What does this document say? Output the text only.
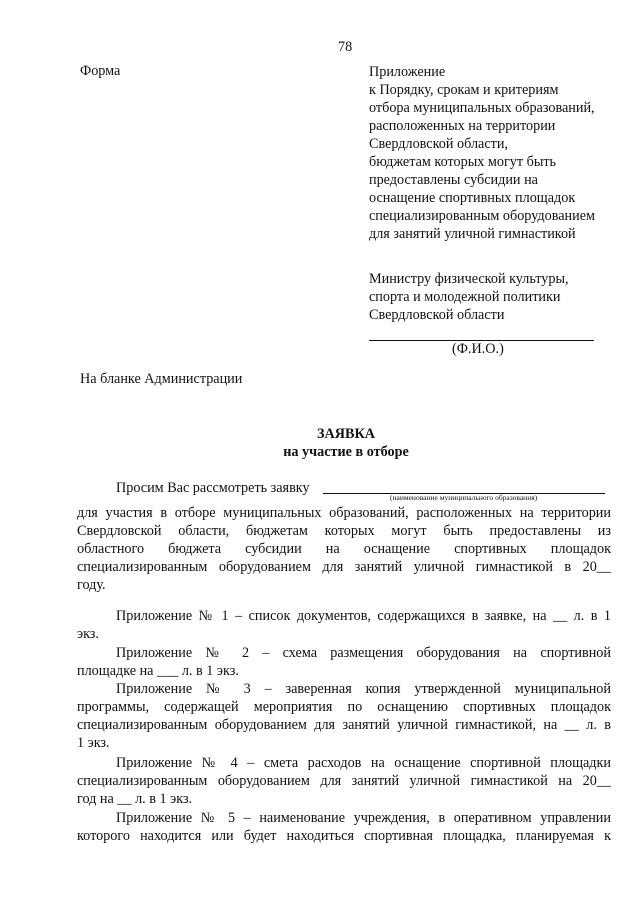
78
Форма	Приложение
к Порядку, срокам и критериям
отбора муниципальных образований,
расположенных на территории
Свердловской области,
бюджетам которых могут быть
предоставлены субсидии на
оснащение спортивных площадок
специализированным оборудованием
для занятий уличной гимнастикой
Министру физической культуры,
спорта и молодежной политики
Свердловской области
(Ф.И.О.)
На бланке Администрации
ЗАЯВКА
на участие в отборе
Просим Вас рассмотреть заявку
(наименование муниципального образования)
для участия в отборе муниципальных образований, расположенных на территории
Свердловской области, бюджетам которых могут быть предоставлены из
областного бюджета субсидии на оснащение спортивных площадок
специализированным оборудованием для занятий уличной гимнастикой в 20__
году.
Приложение № 1 – список документов, содержащихся в заявке, на __ л. в 1
экз.
Приложение № 2 – схема размещения оборудования на спортивной
площадке на ___ л. в 1 экз.
Приложение № 3 – заверенная копия утвержденной муниципальной
программы, содержащей мероприятия по оснащению спортивных площадок
специализированным оборудованием для занятий уличной гимнастикой, на __ л. в
1 экз.
Приложение № 4 – смета расходов на оснащение спортивной площадки
специализированным оборудованием для занятий уличной гимнастикой на 20__
год на __ л. в 1 экз.
Приложение № 5 – наименование учреждения, в оперативном управлении
которого находится или будет находиться спортивная площадка, планируемая к
